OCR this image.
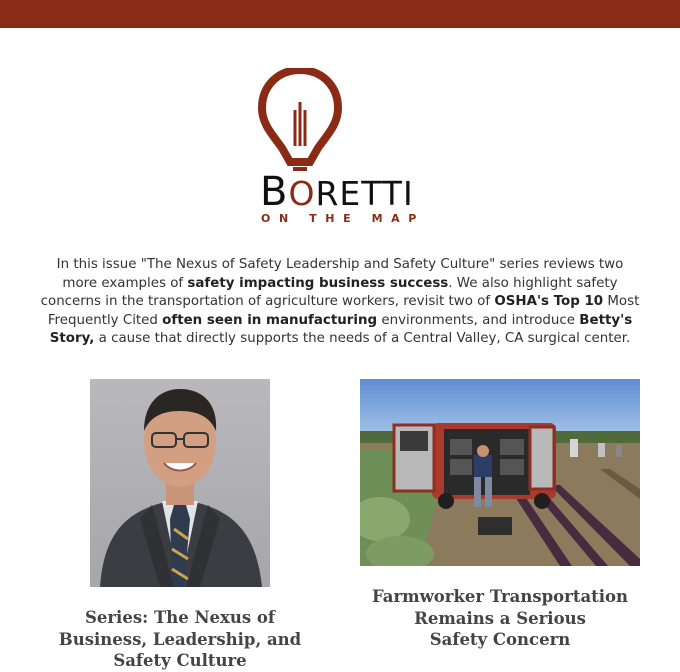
BORETTI
ON THE MAP
In this issue "The Nexus of Safety Leadership and Safety Culture" series reviews two more examples of safety impacting business success. We also highlight safety concerns in the transportation of agriculture workers, revisit two of OSHA's Top 10 Most Frequently Cited often seen in manufacturing environments, and introduce Betty's Story, a cause that directly supports the needs of a Central Valley, CA surgical center.
Series: The Nexus of
Business, Leadership, and
Safety Culture
Farmworker Transportation
Remains a Serious
Safety Concern
